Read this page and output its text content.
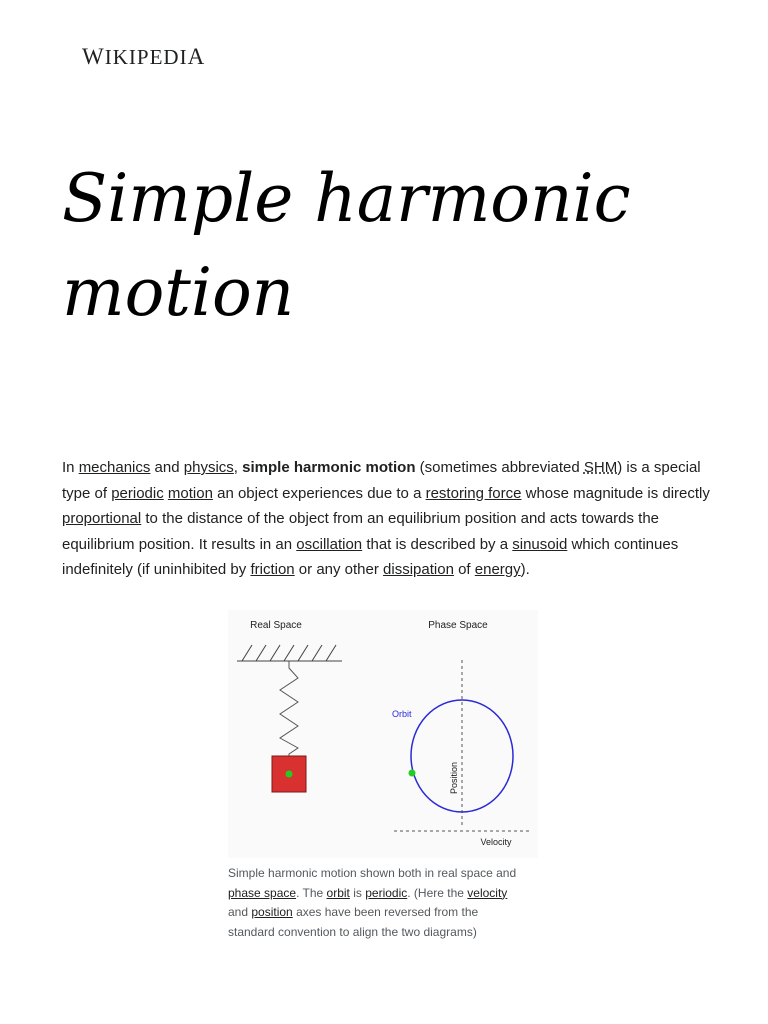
WIKIPEDIA
Simple harmonic motion

In mechanics and physics, simple harmonic motion (sometimes abbreviated SHM) is a special type of periodic motion an object experiences due to a restoring force whose magnitude is directly proportional to the distance of the object from an equilibrium position and acts towards the equilibrium position. It results in an oscillation that is described by a sinusoid which continues indefinitely (if uninhibited by friction or any other dissipation of energy).

Real Space	Phase Space
Orbit
Position
Velocity

Simple harmonic motion shown both in real space and phase space. The orbit is periodic. (Here the velocity and position axes have been reversed from the standard convention to align the two diagrams)
